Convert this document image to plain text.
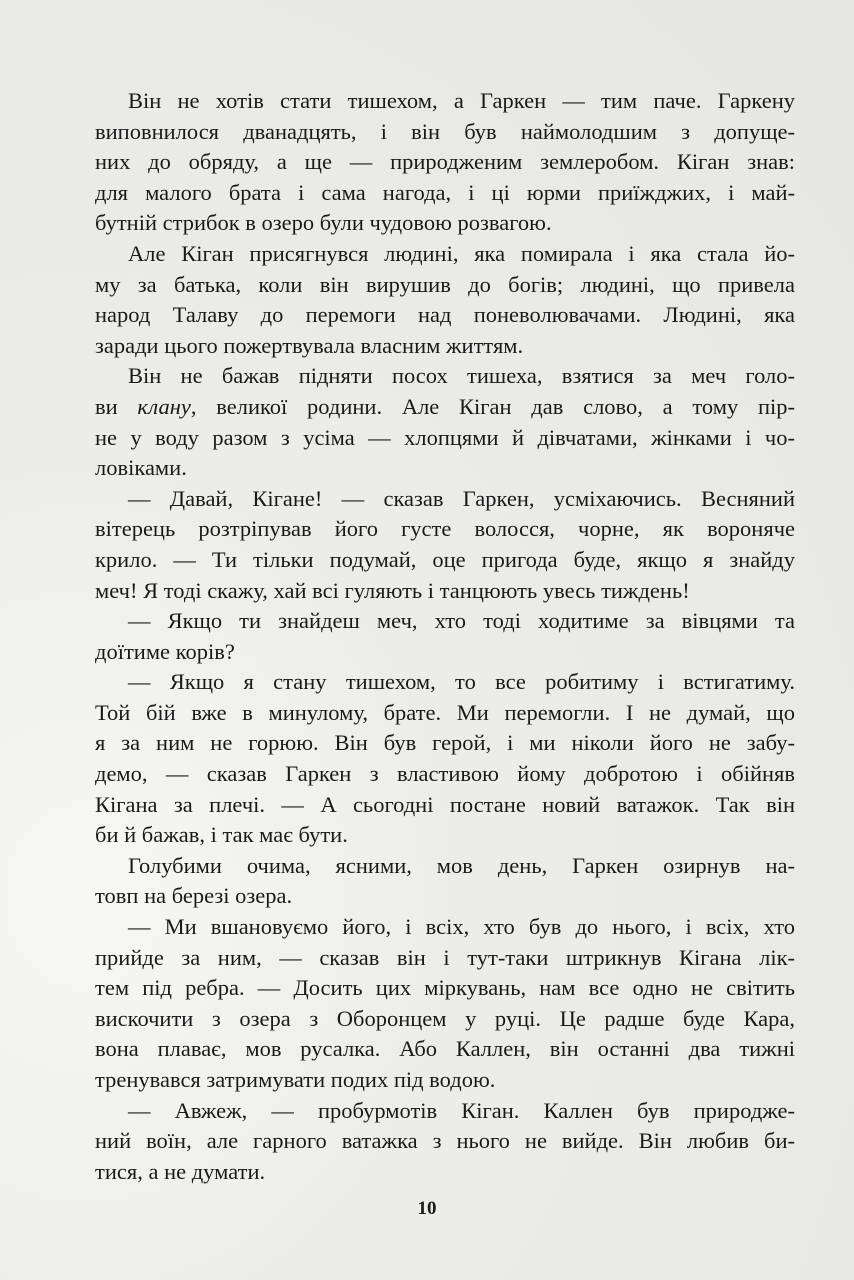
Він не хотів стати тишехом, а Гаркен — тим паче. Гаркену
виповнилося дванадцять, і він був наймолодшим з допуще-
них до обряду, а ще — природженим землеробом. Кіган знав:
для малого брата і сама нагода, і ці юрми приїжджих, і май-
бутній стрибок в озеро були чудовою розвагою.
Але Кіган присягнувся людині, яка помирала і яка стала йо-
му за батька, коли він вирушив до богів; людині, що привела
народ Талаву до перемоги над поневолювачами. Людині, яка
заради цього пожертвувала власним життям.
Він не бажав підняти посох тишеха, взятися за меч голо-
ви клану, великої родини. Але Кіган дав слово, а тому пір-
не у воду разом з усіма — хлопцями й дівчатами, жінками і чо-
ловіками.
— Давай, Кігане! — сказав Гаркен, усміхаючись. Весняний
вітерець розтріпував його густе волосся, чорне, як вороняче
крило. — Ти тільки подумай, оце пригода буде, якщо я знайду
меч! Я тоді скажу, хай всі гуляють і танцюють увесь тиждень!
— Якщо ти знайдеш меч, хто тоді ходитиме за вівцями та
доїтиме корів?
— Якщо я стану тишехом, то все робитиму і встигатиму.
Той бій вже в минулому, брате. Ми перемогли. І не думай, що
я за ним не горюю. Він був герой, і ми ніколи його не забу-
демо, — сказав Гаркен з властивою йому добротою і обійняв
Кігана за плечі. — А сьогодні постане новий ватажок. Так він
би й бажав, і так має бути.
Голубими очима, ясними, мов день, Гаркен озирнув на-
товп на березі озера.
— Ми вшановуємо його, і всіх, хто був до нього, і всіх, хто
прийде за ним, — сказав він і тут-таки штрикнув Кігана лік-
тем під ребра. — Досить цих міркувань, нам все одно не світить
вискочити з озера з Оборонцем у руці. Це радше буде Кара,
вона плаває, мов русалка. Або Каллен, він останні два тижні
тренувався затримувати подих під водою.
— Авжеж, — пробурмотів Кіган. Каллен був природже-
ний воїн, але гарного ватажка з нього не вийде. Він любив би-
тися, а не думати.
10
